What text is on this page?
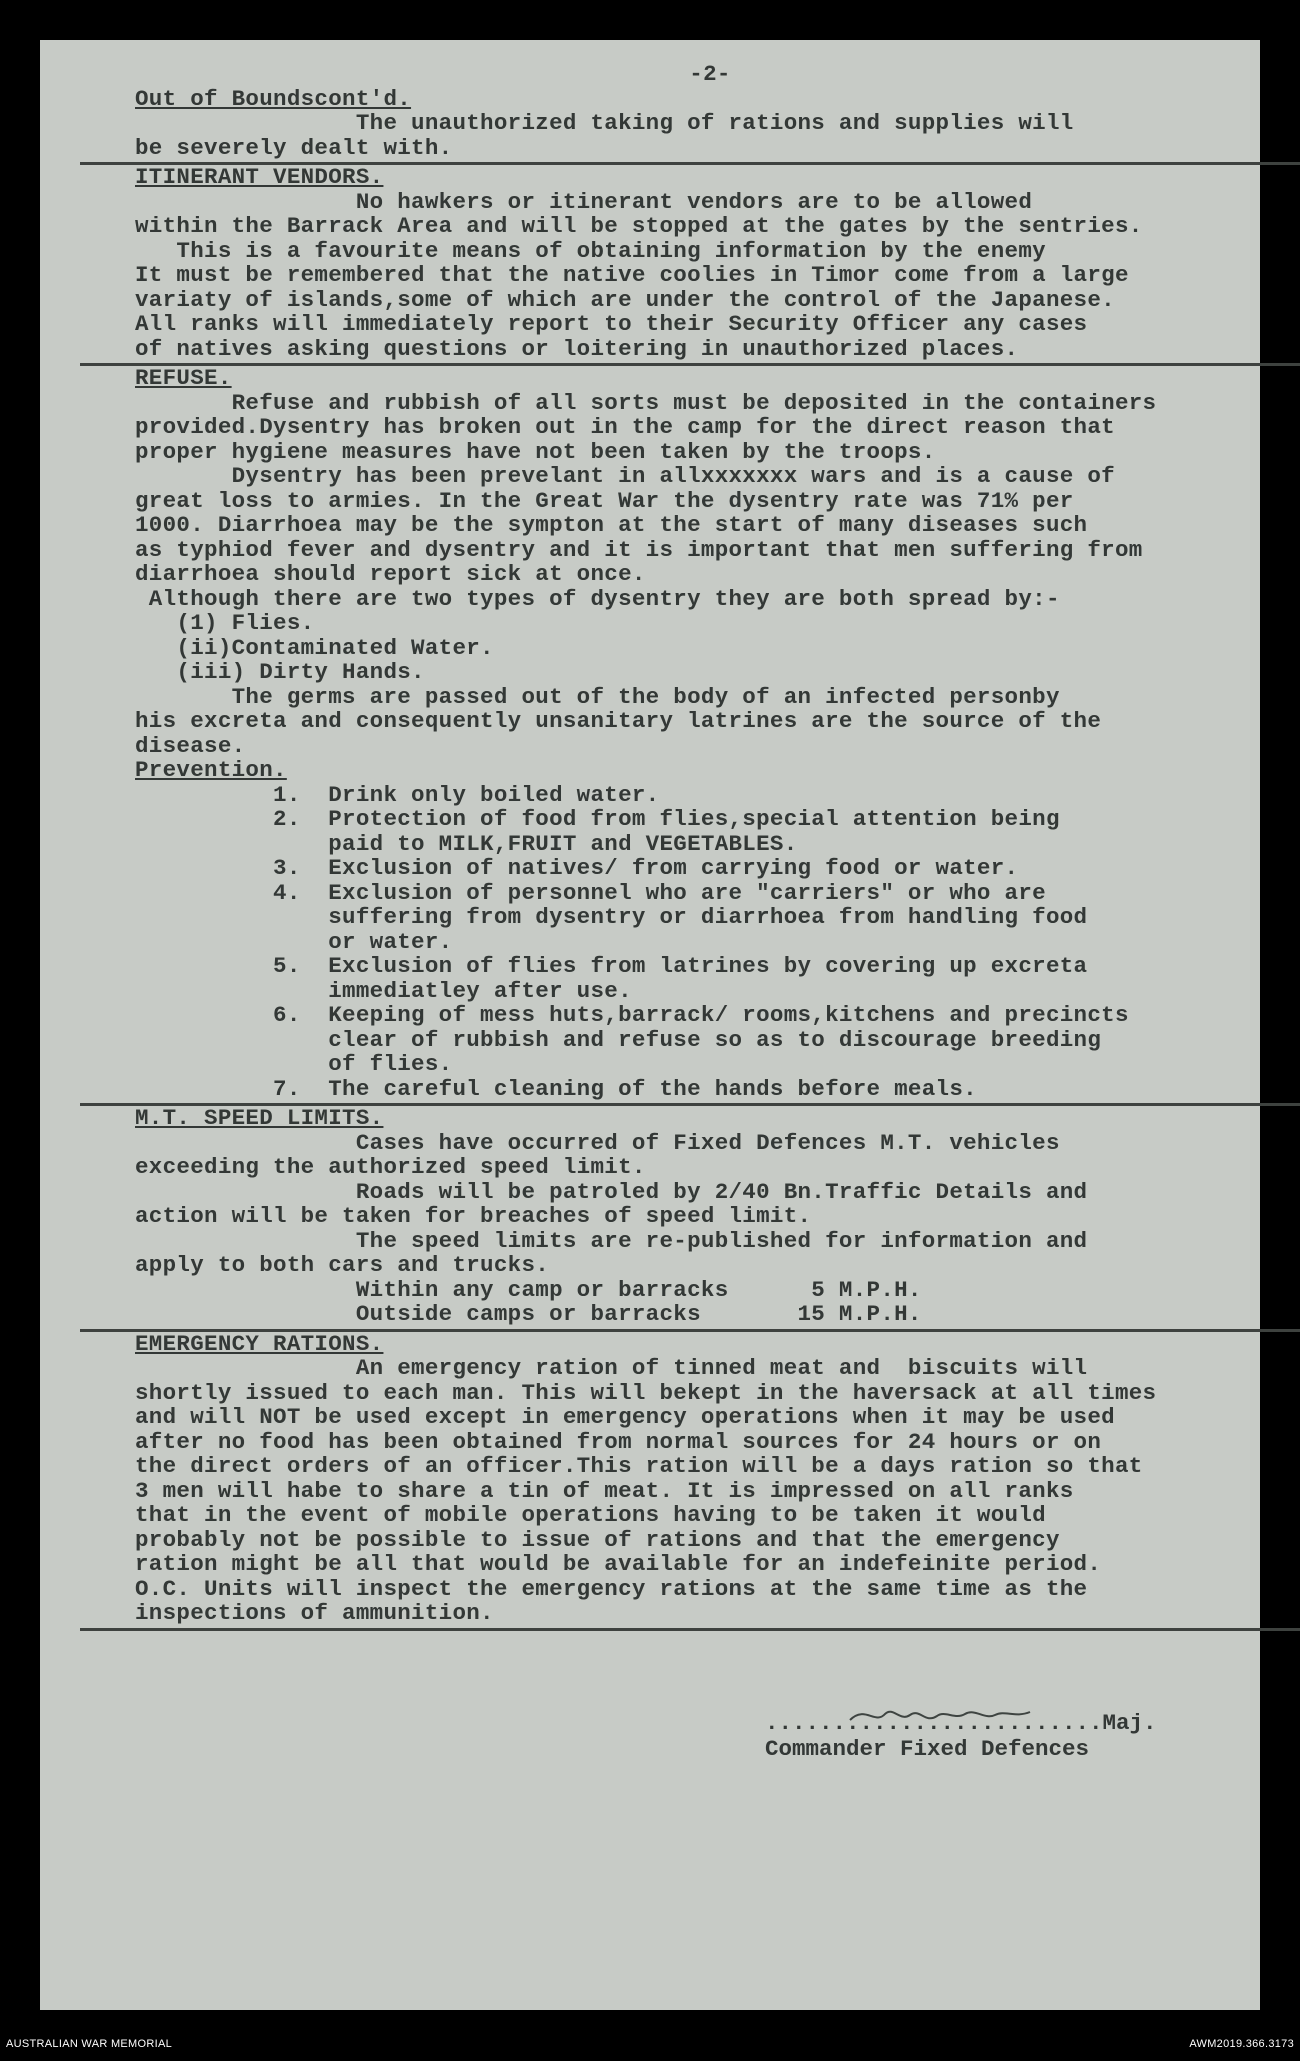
-2-
Out of Boundscont'd.
The unauthorized taking of rations and supplies will
be severely dealt with.
ITINERANT VENDORS.
No hawkers or itinerant vendors are to be allowed
within the Barrack Area and will be stopped at the gates by the sentries.
This is a favourite means of obtaining information by the enemy
It must be remembered that the native coolies in Timor come from a large
variaty of islands,some of which are under the control of the Japanese.
All ranks will immediately report to their Security Officer any cases
of natives asking questions or loitering in unauthorized places.
REFUSE.
Refuse and rubbish of all sorts must be deposited in the containers
provided.Dysentry has broken out in the camp for the direct reason that
proper hygiene measures have not been taken by the troops.
Dysentry has been prevelant in allxxxxxxx wars and is a cause of
great loss to armies. In the Great War the dysentry rate was 71% per
1000. Diarrhoea may be the sympton at the start of many diseases such
as typhiod fever and dysentry and it is important that men suffering from
diarrhoea should report sick at once.
Although there are two types of dysentry they are both spread by:-
(1) Flies.
(ii)Contaminated Water.
(iii) Dirty Hands.
The germs are passed out of the body of an infected personby
his excreta and consequently unsanitary latrines are the source of the
disease.
Prevention.
1.  Drink only boiled water.
2.  Protection of food from flies,special attention being
paid to MILK,FRUIT and VEGETABLES.
3.  Exclusion of natives/ from carrying food or water.
4.  Exclusion of personnel who are "carriers" or who are
suffering from dysentry or diarrhoea from handling food
or water.
5.  Exclusion of flies from latrines by covering up excreta
immediatley after use.
6.  Keeping of mess huts,barrack/ rooms,kitchens and precincts
clear of rubbish and refuse so as to discourage breeding
of flies.
7.  The careful cleaning of the hands before meals.
M.T. SPEED LIMITS.
Cases have occurred of Fixed Defences M.T. vehicles
exceeding the authorized speed limit.
Roads will be patroled by 2/40 Bn.Traffic Details and
action will be taken for breaches of speed limit.
The speed limits are re-published for information and
apply to both cars and trucks.
Within any camp or barracks      5 M.P.H.
Outside camps or barracks       15 M.P.H.
EMERGENCY RATIONS.
An emergency ration of tinned meat and  biscuits will
shortly issued to each man. This will bekept in the haversack at all times
and will NOT be used except in emergency operations when it may be used
after no food has been obtained from normal sources for 24 hours or on
the direct orders of an officer.This ration will be a days ration so that
3 men will habe to share a tin of meat. It is impressed on all ranks
that in the event of mobile operations having to be taken it would
probably not be possible to issue of rations and that the emergency
ration might be all that would be available for an indefeinite period.
O.C. Units will inspect the emergency rations at the same time as the
inspections of ammunition.
.........................Maj.
Commander Fixed Defences
AUSTRALIAN WAR MEMORIAL	AWM2019.366.3173
